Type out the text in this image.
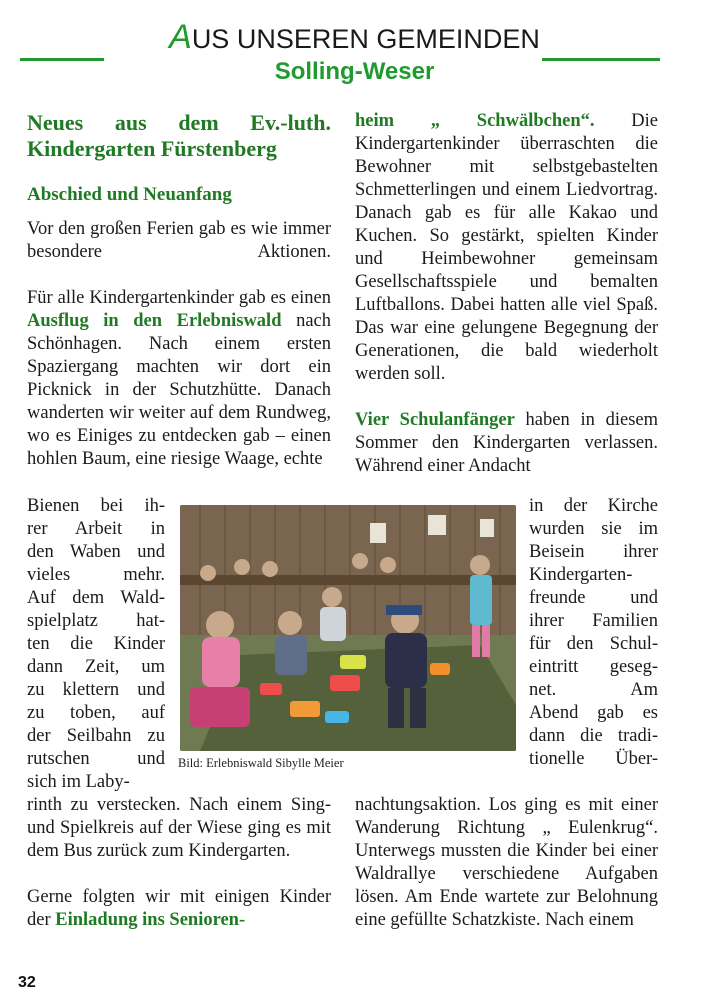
AUS UNSEREN GEMEINDEN
Solling-Weser

Neues aus dem Ev.-luth. Kindergarten Fürstenberg

Abschied und Neuanfang

Vor den großen Ferien gab es wie immer besondere Aktionen.

Für alle Kindergartenkinder gab es einen Ausflug in den Erlebniswald nach Schönhagen. Nach einem ersten Spaziergang machten wir dort ein Picknick in der Schutzhütte. Danach wanderten wir weiter auf dem Rundweg, wo es Einiges zu entdecken gab – einen hohlen Baum, eine riesige Waage, echte

Bienen bei ih-

rer Arbeit in

den Waben und

vieles mehr.

Auf dem Wald-

spielplatz hat-

ten die Kinder

dann Zeit, um

zu klettern und

zu toben, auf

der Seilbahn zu

rutschen und

sich im Laby-

rinth zu verstecken. Nach einem Sing- und Spielkreis auf der Wiese ging es mit dem Bus zurück zum Kindergarten.

Gerne folgten wir mit einigen Kinder der Einladung ins Senioren-

heim „ Schwälbchen“. Die Kindergartenkinder überraschten die Bewohner mit selbstgebastelten Schmetterlingen und einem Liedvortrag. Danach gab es für alle Kakao und Kuchen. So gestärkt, spielten Kinder und Heimbewohner gemeinsam Gesellschaftsspiele und bemalten Luftballons. Dabei hatten alle viel Spaß. Das war eine gelungene Begegnung der Generationen, die bald wiederholt werden soll.

Vier Schulanfänger haben in diesem Sommer den Kindergarten verlassen. Während einer Andacht

in der Kirche

wurden sie im

Beisein ihrer

Kindergarten-

freunde und

ihrer Familien

für den Schul-

eintritt geseg-

net. Am

Abend gab es

dann die tradi-

tionelle Über-

nachtungsaktion. Los ging es mit einer Wanderung Richtung „ Eulenkrug“. Unterwegs mussten die Kinder bei einer Waldrallye verschiedene Aufgaben lösen. Am Ende wartete zur Belohnung eine gefüllte Schatzkiste. Nach einem

Bild: Erlebniswald Sibylle Meier
32
